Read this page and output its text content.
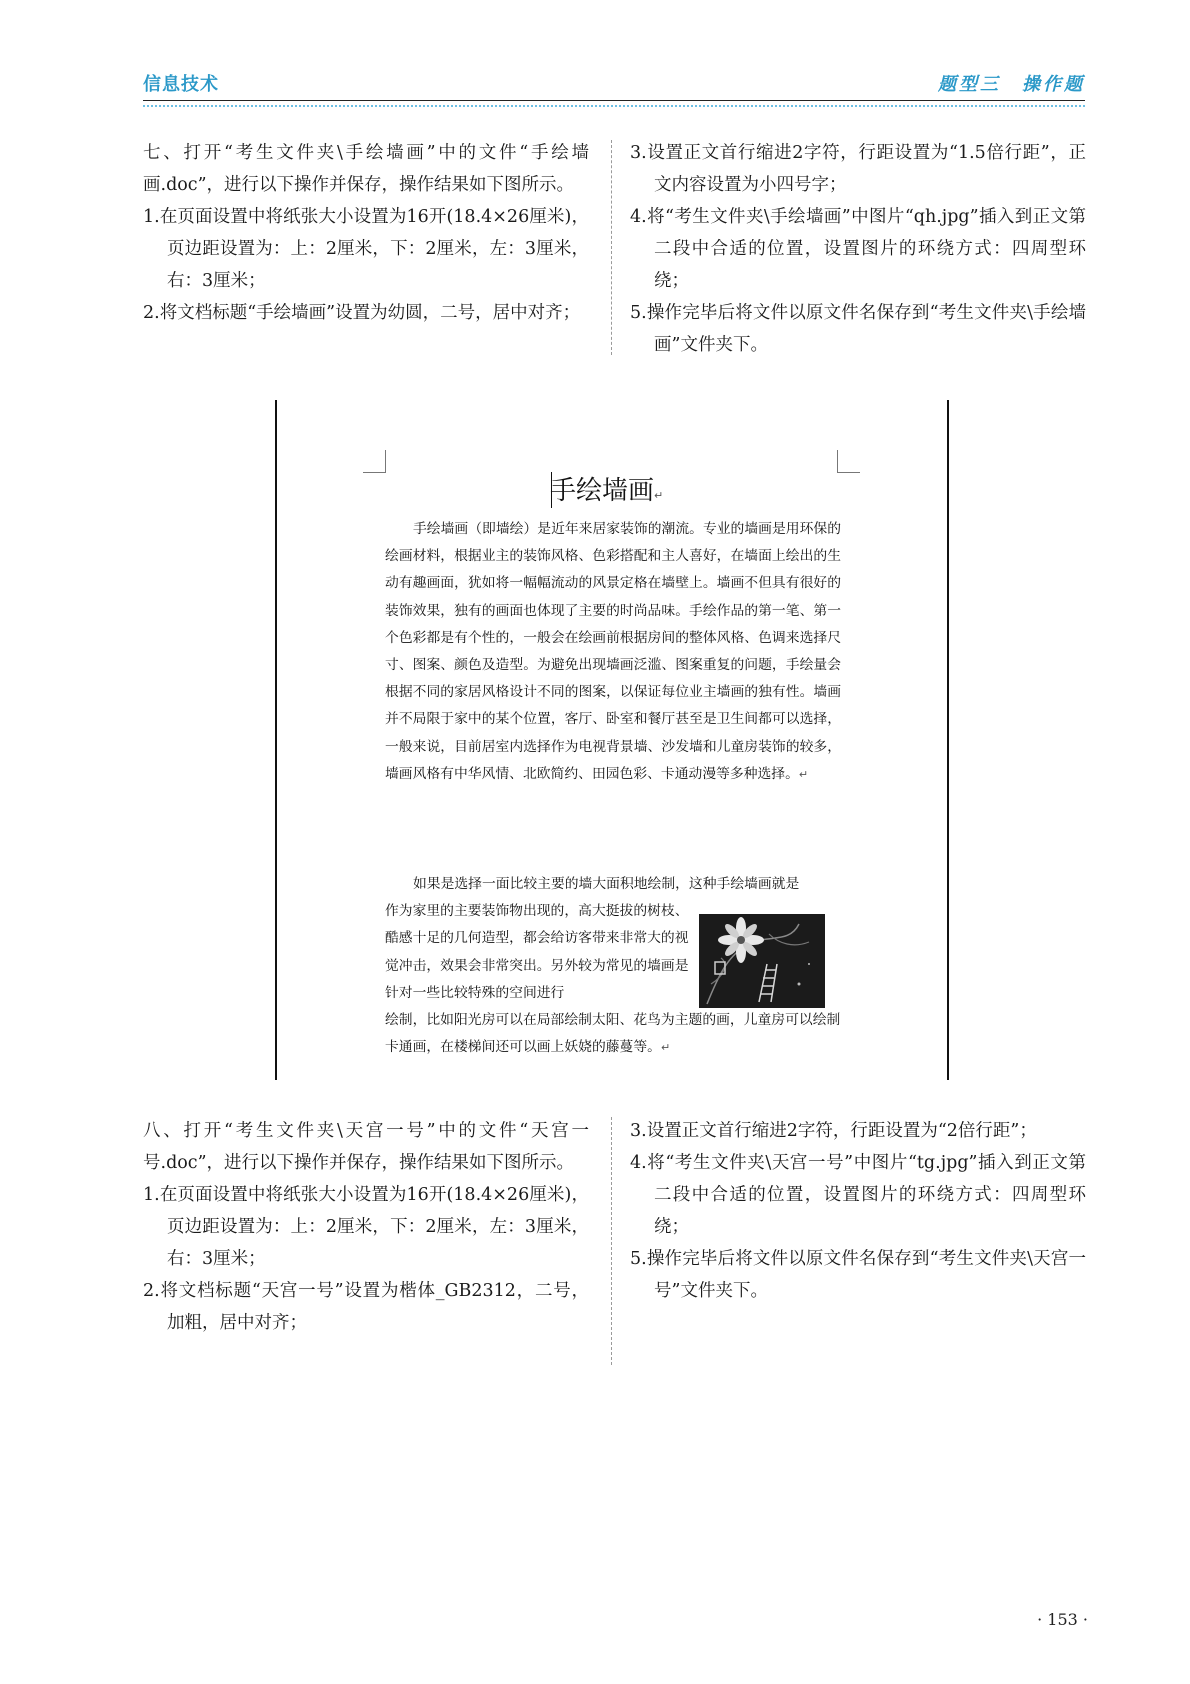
信息技术	题型三　操作题

七、打开“考生文件夹\手绘墙画”中的文件“手绘墙画.doc”，进行以下操作并保存，操作结果如下图所示。

1.在页面设置中将纸张大小设置为16开(18.4×26厘米)，页边距设置为：上：2厘米，下：2厘米，左：3厘米，右：3厘米；

2.将文档标题“手绘墙画”设置为幼圆，二号，居中对齐；

3.设置正文首行缩进2字符，行距设置为“1.5倍行距”，正文内容设置为小四号字；

4.将“考生文件夹\手绘墙画”中图片“qh.jpg”插入到正文第二段中合适的位置，设置图片的环绕方式：四周型环绕；

5.操作完毕后将文件以原文件名保存到“考生文件夹\手绘墙画”文件夹下。

手绘墙画↵

手绘墙画（即墙绘）是近年来居家装饰的潮流。专业的墙画是用环保的绘画材料，根据业主的装饰风格、色彩搭配和主人喜好，在墙面上绘出的生动有趣画面，犹如将一幅幅流动的风景定格在墙壁上。墙画不但具有很好的装饰效果，独有的画面也体现了主要的时尚品味。手绘作品的第一笔、第一个色彩都是有个性的，一般会在绘画前根据房间的整体风格、色调来选择尺寸、图案、颜色及造型。为避免出现墙画泛滥、图案重复的问题，手绘量会根据不同的家居风格设计不同的图案，以保证每位业主墙画的独有性。墙画并不局限于家中的某个位置，客厅、卧室和餐厅甚至是卫生间都可以选择，一般来说，目前居室内选择作为电视背景墙、沙发墙和儿童房装饰的较多，墙画风格有中华风情、北欧简约、田园色彩、卡通动漫等多种选择。↵

如果是选择一面比较主要的墙大面积地绘制，这种手绘墙画就是
作为家里的主要装饰物出现的，高大挺拔的树枝、酷感十足的几何造型，都会给访客带来非常大的视觉冲击，效果会非常突出。另外较为常见的墙画是针对一些比较特殊的空间进行
绘制，比如阳光房可以在局部绘制太阳、花鸟为主题的画，儿童房可以绘制卡通画，在楼梯间还可以画上妖娆的藤蔓等。↵

八、打开“考生文件夹\天宫一号”中的文件“天宫一号.doc”，进行以下操作并保存，操作结果如下图所示。

1.在页面设置中将纸张大小设置为16开(18.4×26厘米)，页边距设置为：上：2厘米，下：2厘米，左：3厘米，右：3厘米；

2.将文档标题“天宫一号”设置为楷体_GB2312，二号，加粗，居中对齐；

3.设置正文首行缩进2字符，行距设置为“2倍行距”；

4.将“考生文件夹\天宫一号”中图片“tg.jpg”插入到正文第二段中合适的位置，设置图片的环绕方式：四周型环绕；

5.操作完毕后将文件以原文件名保存到“考生文件夹\天宫一号”文件夹下。

· 153 ·
